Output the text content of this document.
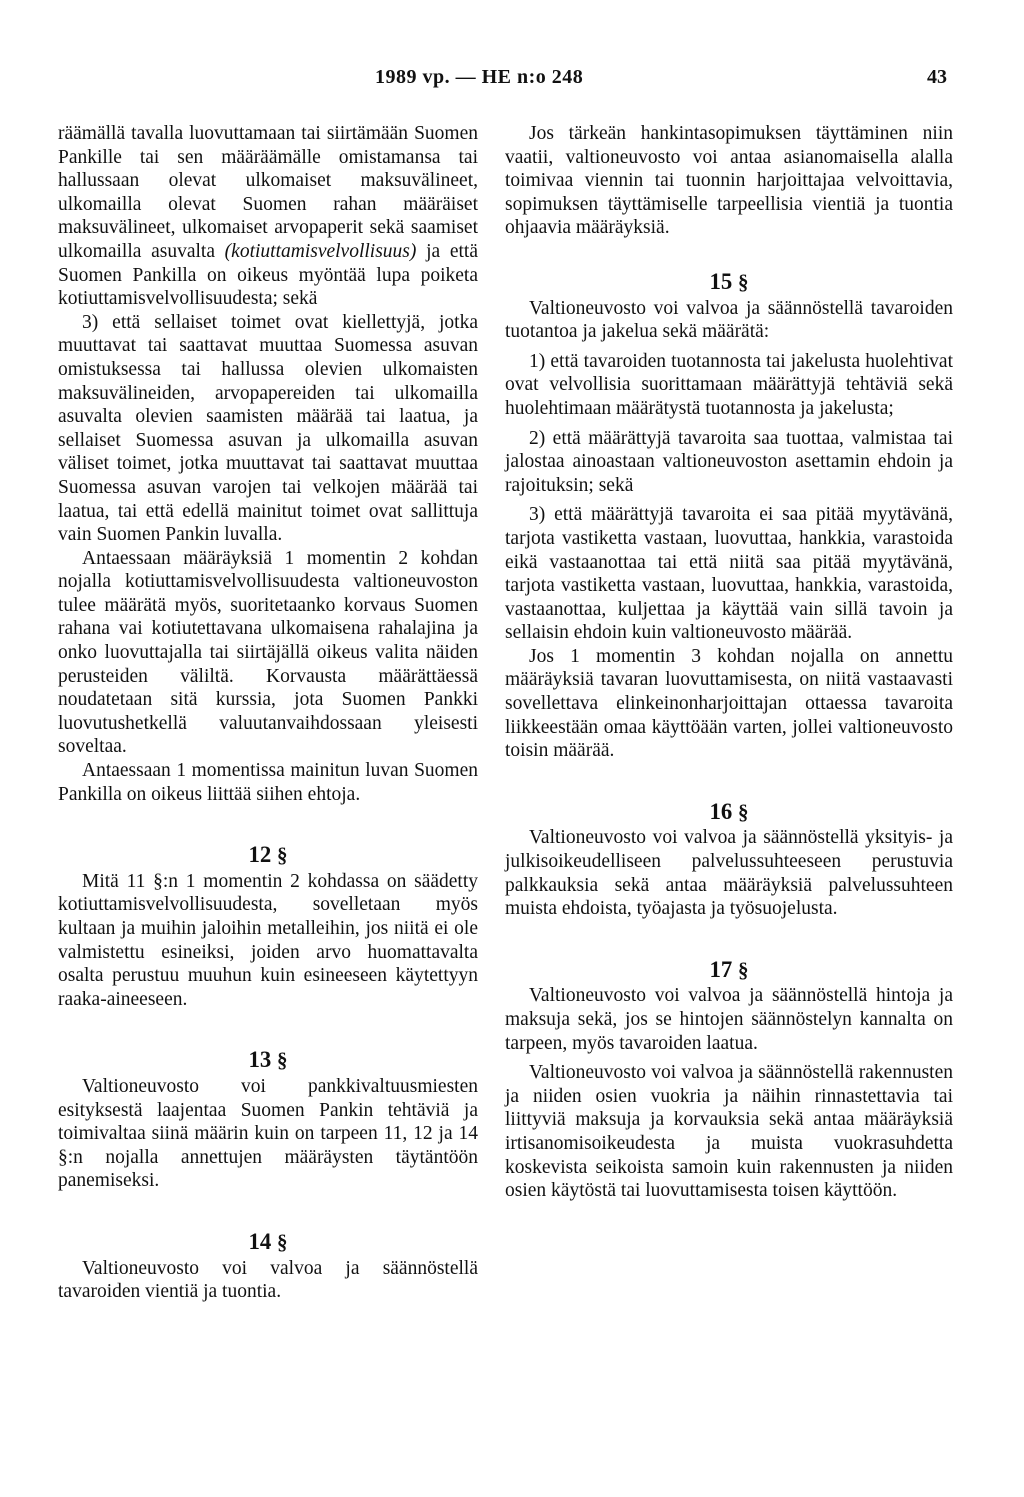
1989 vp. — HE n:o 248	43

räämällä tavalla luovuttamaan tai siirtämään Suomen Pankille tai sen määräämälle omistamansa tai hallussaan olevat ulkomaiset maksuvälineet, ulkomailla olevat Suomen rahan määräiset maksuvälineet, ulkomaiset arvopaperit sekä saamiset ulkomailla asuvalta (kotiuttamisvelvollisuus) ja että Suomen Pankilla on oikeus myöntää lupa poiketa kotiuttamisvelvollisuudesta; sekä

3) että sellaiset toimet ovat kiellettyjä, jotka muuttavat tai saattavat muuttaa Suomessa asuvan omistuksessa tai hallussa olevien ulkomaisten maksuvälineiden, arvopapereiden tai ulkomailla asuvalta olevien saamisten määrää tai laatua, ja sellaiset Suomessa asuvan ja ulkomailla asuvan väliset toimet, jotka muuttavat tai saattavat muuttaa Suomessa asuvan varojen tai velkojen määrää tai laatua, tai että edellä mainitut toimet ovat sallittuja vain Suomen Pankin luvalla.

Antaessaan määräyksiä 1 momentin 2 kohdan nojalla kotiuttamisvelvollisuudesta valtioneuvoston tulee määrätä myös, suoritetaanko korvaus Suomen rahana vai kotiutettavana ulkomaisena rahalajina ja onko luovuttajalla tai siirtäjällä oikeus valita näiden perusteiden väliltä. Korvausta määrättäessä noudatetaan sitä kurssia, jota Suomen Pankki luovutushetkellä valuutanvaihdossaan yleisesti soveltaa.

Antaessaan 1 momentissa mainitun luvan Suomen Pankilla on oikeus liittää siihen ehtoja.

12 §

Mitä 11 §:n 1 momentin 2 kohdassa on säädetty kotiuttamisvelvollisuudesta, sovelletaan myös kultaan ja muihin jaloihin metalleihin, jos niitä ei ole valmistettu esineiksi, joiden arvo huomattavalta osalta perustuu muuhun kuin esineeseen käytettyyn raaka-aineeseen.

13 §

Valtioneuvosto voi pankkivaltuusmiesten esityksestä laajentaa Suomen Pankin tehtäviä ja toimivaltaa siinä määrin kuin on tarpeen 11, 12 ja 14 §:n nojalla annettujen määräysten täytäntöön panemiseksi.

14 §

Valtioneuvosto voi valvoa ja säännöstellä tavaroiden vientiä ja tuontia.

Jos tärkeän hankintasopimuksen täyttäminen niin vaatii, valtioneuvosto voi antaa asianomaisella alalla toimivaa viennin tai tuonnin harjoittajaa velvoittavia, sopimuksen täyttämiselle tarpeellisia vientiä ja tuontia ohjaavia määräyksiä.

15 §

Valtioneuvosto voi valvoa ja säännöstellä tavaroiden tuotantoa ja jakelua sekä määrätä:

1) että tavaroiden tuotannosta tai jakelusta huolehtivat ovat velvollisia suorittamaan määrättyjä tehtäviä sekä huolehtimaan määrätystä tuotannosta ja jakelusta;

2) että määrättyjä tavaroita saa tuottaa, valmistaa tai jalostaa ainoastaan valtioneuvoston asettamin ehdoin ja rajoituksin; sekä

3) että määrättyjä tavaroita ei saa pitää myytävänä, tarjota vastiketta vastaan, luovuttaa, hankkia, varastoida eikä vastaanottaa tai että niitä saa pitää myytävänä, tarjota vastiketta vastaan, luovuttaa, hankkia, varastoida, vastaanottaa, kuljettaa ja käyttää vain sillä tavoin ja sellaisin ehdoin kuin valtioneuvosto määrää.

Jos 1 momentin 3 kohdan nojalla on annettu määräyksiä tavaran luovuttamisesta, on niitä vastaavasti sovellettava elinkeinonharjoittajan ottaessa tavaroita liikkeestään omaa käyttöään varten, jollei valtioneuvosto toisin määrää.

16 §

Valtioneuvosto voi valvoa ja säännöstellä yksityis- ja julkisoikeudelliseen palvelussuhteeseen perustuvia palkkauksia sekä antaa määräyksiä palvelussuhteen muista ehdoista, työajasta ja työsuojelusta.

17 §

Valtioneuvosto voi valvoa ja säännöstellä hintoja ja maksuja sekä, jos se hintojen säännöstelyn kannalta on tarpeen, myös tavaroiden laatua.

Valtioneuvosto voi valvoa ja säännöstellä rakennusten ja niiden osien vuokria ja näihin rinnastettavia tai liittyviä maksuja ja korvauksia sekä antaa määräyksiä irtisanomisoikeudesta ja muista vuokrasuhdetta koskevista seikoista samoin kuin rakennusten ja niiden osien käytöstä tai luovuttamisesta toisen käyttöön.
